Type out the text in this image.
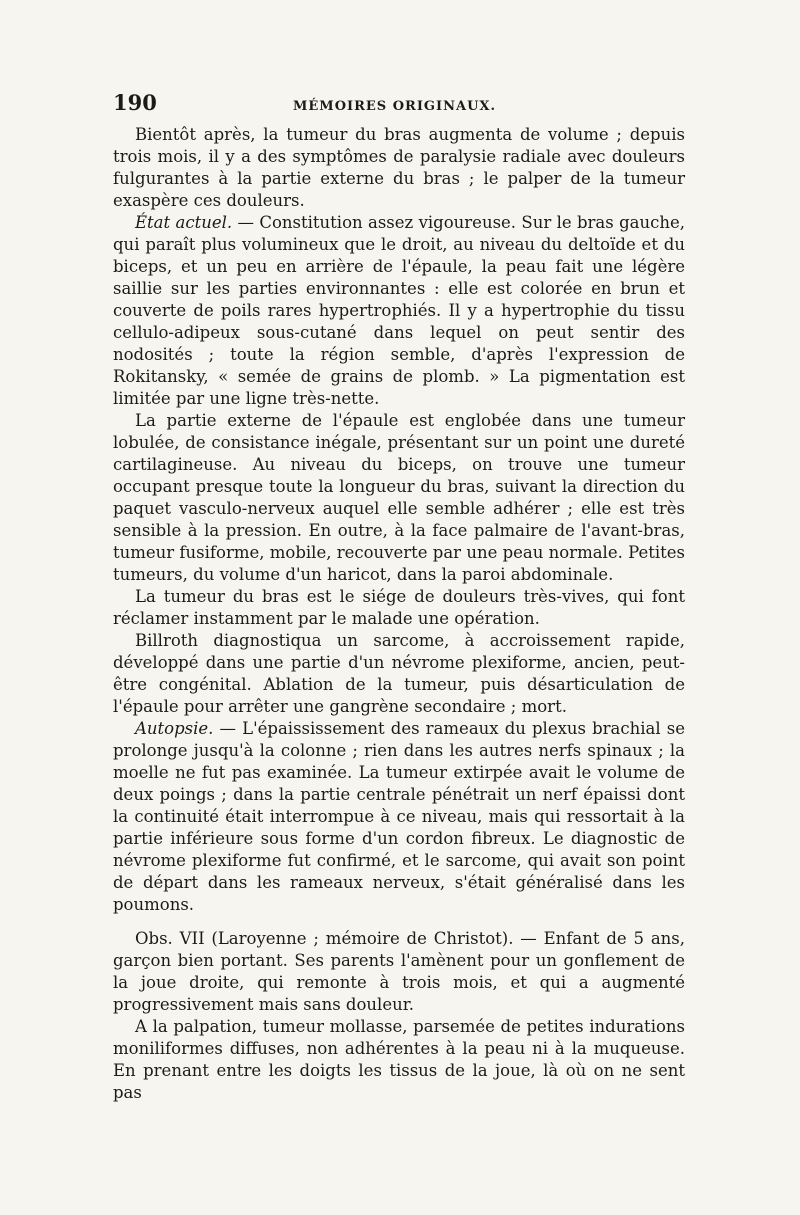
190	MÉMOIRES ORIGINAUX.

Bientôt après, la tumeur du bras augmenta de volume ; depuis trois mois, il y a des symptômes de paralysie radiale avec douleurs fulgurantes à la partie externe du bras ; le palper de la tumeur exaspère ces douleurs.

État actuel. — Constitution assez vigoureuse. Sur le bras gauche, qui paraît plus volumineux que le droit, au niveau du deltoïde et du biceps, et un peu en arrière de l'épaule, la peau fait une légère saillie sur les parties environnantes : elle est colorée en brun et couverte de poils rares hypertrophiés. Il y a hypertrophie du tissu cellulo-adipeux sous-cutané dans lequel on peut sentir des nodosités ; toute la région semble, d'après l'expression de Rokitansky, « semée de grains de plomb. » La pigmentation est limitée par une ligne très-nette.

La partie externe de l'épaule est englobée dans une tumeur lobulée, de consistance inégale, présentant sur un point une dureté cartilagineuse. Au niveau du biceps, on trouve une tumeur occupant presque toute la longueur du bras, suivant la direction du paquet vasculo-nerveux auquel elle semble adhérer ; elle est très sensible à la pression. En outre, à la face palmaire de l'avant-bras, tumeur fusiforme, mobile, recouverte par une peau normale. Petites tumeurs, du volume d'un haricot, dans la paroi abdominale.

La tumeur du bras est le siége de douleurs très-vives, qui font réclamer instamment par le malade une opération.

Billroth diagnostiqua un sarcome, à accroissement rapide, développé dans une partie d'un névrome plexiforme, ancien, peut-être congénital. Ablation de la tumeur, puis désarticulation de l'épaule pour arrêter une gangrène secondaire ; mort.

Autopsie. — L'épaississement des rameaux du plexus brachial se prolonge jusqu'à la colonne ; rien dans les autres nerfs spinaux ; la moelle ne fut pas examinée. La tumeur extirpée avait le volume de deux poings ; dans la partie centrale pénétrait un nerf épaissi dont la continuité était interrompue à ce niveau, mais qui ressortait à la partie inférieure sous forme d'un cordon fibreux. Le diagnostic de névrome plexiforme fut confirmé, et le sarcome, qui avait son point de départ dans les rameaux nerveux, s'était généralisé dans les poumons.

Obs. VII (Laroyenne ; mémoire de Christot). — Enfant de 5 ans, garçon bien portant. Ses parents l'amènent pour un gonflement de la joue droite, qui remonte à trois mois, et qui a augmenté progressivement mais sans douleur.

A la palpation, tumeur mollasse, parsemée de petites indurations moniliformes diffuses, non adhérentes à la peau ni à la muqueuse. En prenant entre les doigts les tissus de la joue, là où on ne sent pas
